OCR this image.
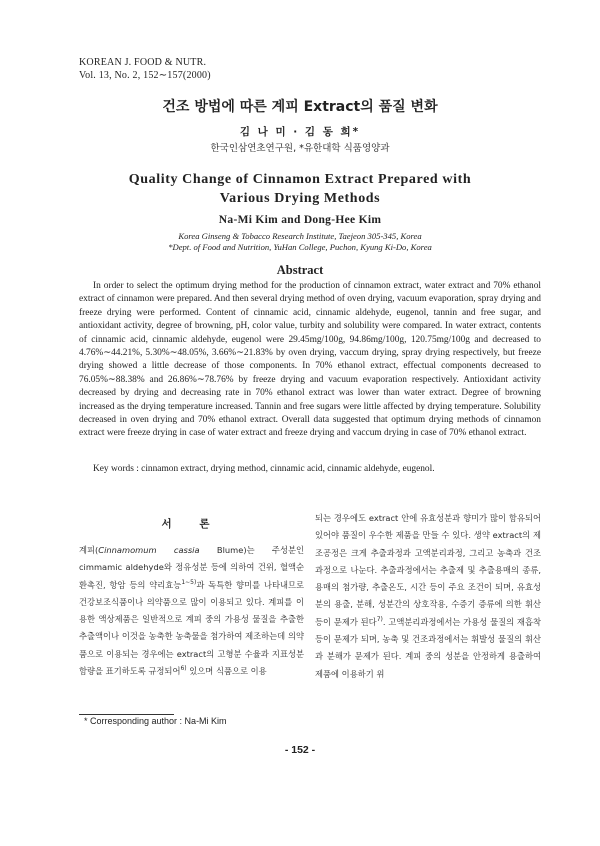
KOREAN J. FOOD & NUTR.
Vol. 13, No. 2, 152∼157(2000)
건조 방법에 따른 계피 Extract의 품질 변화
김 나 미 · 김 동 희*
한국인삼연초연구원, *유한대학 식품영양과
Quality Change of Cinnamon Extract Prepared with
Various Drying Methods
Na-Mi Kim and Dong-Hee Kim
Korea Ginseng & Tobacco Research Institute, Taejeon 305-345, Korea
*Dept. of Food and Nutrition, YuHan College, Puchon, Kyung Ki-Do, Korea
Abstract

In order to select the optimum drying method for the production of cinnamon extract, water extract and 70% ethanol extract of cinnamon were prepared. And then several drying method of oven drying, vacuum evaporation, spray drying and freeze drying were performed. Content of cinnamic acid, cinnamic aldehyde, eugenol, tannin and free sugar, and antioxidant activity, degree of browning, pH, color value, turbity and solubility were compared. In water extract, contents of cinnamic acid, cinnamic aldehyde, eugenol were 29.45mg/100g, 94.86mg/100g, 120.75mg/100g and decreased to 4.76%∼44.21%, 5.30%∼48.05%, 3.66%∼21.83% by oven drying, vaccum drying, spray drying respectively, but freeze drying showed a little decrease of those components. In 70% ethanol extract, effectual components decreased to 76.05%∼88.38% and 26.86%∼78.76% by freeze drying and vacuum evaporation respectively. Antioxidant activity decreased by drying and decreasing rate in 70% ethanol extract was lower than water extract. Degree of browning increased as the drying temperature increased. Tannin and free sugars were little affected by drying temperature. Solubility decreased in oven drying and 70% ethanol extract. Overall data suggested that optimum drying methods of cinnamon extract were freeze drying in case of water extract and freeze drying and vaccum drying in case of 70% ethanol extract.

Key words : cinnamon extract, drying method, cinnamic acid, cinnamic aldehyde, eugenol.
서 론

계피(Cinnamomum cassia Blume)는 주성분인 cimmamic aldehyde와 정유성분 등에 의하여 건위, 혈액순환촉진, 항암 등의 약리효능$^{1\sim 5)}$과 독특한 향미를 나타내므로 건강보조식품이나 의약품으로 많이 이용되고 있다. 계피를 이용한 액상제품은 일반적으로 계피 중의 가용성 물질을 추출한 추출액이나 이것을 농축한 농축물을 첨가하여 제조하는데 의약품으로 이용되는 경우에는 extract의 고형분 수율과 지표성분 함량을 표기하도록 규정되어$^{6)}$ 있으며 식품으로 이용

되는 경우에도 extract 안에 유효성분과 향미가 많이 함유되어 있어야 품질이 우수한 제품을 만들 수 있다. 생약 extract의 제조공정은 크게 추출과정과 고액분리과정, 그리고 농축과 건조과정으로 나눈다. 추출과정에서는 추출제 및 추출용매의 종류, 용매의 첨가량, 추출온도, 시간 등이 주요 조건이 되며, 유효성분의 용출, 분해, 성분간의 상호작용, 수증기 증류에 의한 휘산 등이 문제가 된다$^{7)}$. 고액분리과정에서는 가용성 물질의 재흡착 등이 문제가 되며, 농축 및 건조과정에서는 휘발성 물질의 휘산과 분해가 문제가 된다. 계피 중의 성분을 안정하게 용출하여 제품에 이용하기 위

* Corresponding author : Na-Mi Kim
- 152 -
